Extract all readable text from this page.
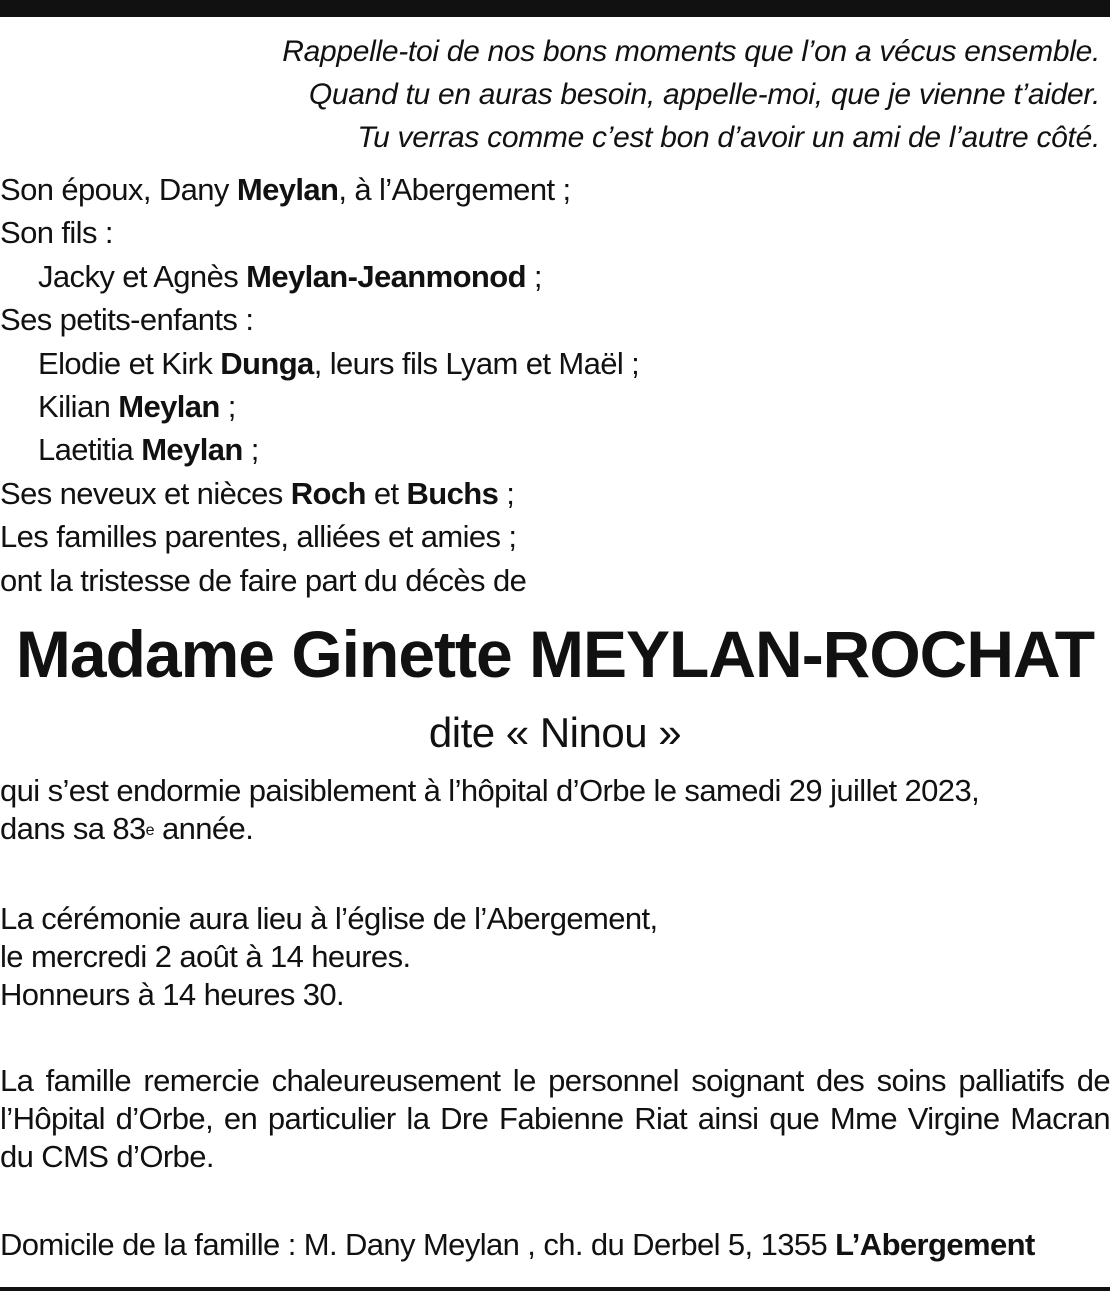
Rappelle-toi de nos bons moments que l’on a vécus ensemble.
Quand tu en auras besoin, appelle-moi, que je vienne t’aider.
Tu verras comme c’est bon d’avoir un ami de l’autre côté.
Son époux, Dany Meylan, à l’Abergement ;
Son fils :
Jacky et Agnès Meylan-Jeanmonod ;
Ses petits-enfants :
Elodie et Kirk Dunga, leurs fils Lyam et Maël ;
Kilian Meylan ;
Laetitia Meylan ;
Ses neveux et nièces Roch et Buchs ;
Les familles parentes, alliées et amies ;
ont la tristesse de faire part du décès de
Madame Ginette MEYLAN-ROCHAT
dite « Ninou »
qui s’est endormie paisiblement à l’hôpital d’Orbe le samedi 29 juillet 2023,
dans sa 83e année.
La cérémonie aura lieu à l’église de l’Abergement,
le mercredi 2 août à 14 heures.
Honneurs à 14 heures 30.
La famille remercie chaleureusement le personnel soignant des soins palliatifs de l’Hôpital d’Orbe, en particulier la Dre Fabienne Riat ainsi que Mme Virgine Macran du CMS d’Orbe.
Domicile de la famille : M. Dany Meylan , ch. du Derbel 5, 1355 L’Abergement
